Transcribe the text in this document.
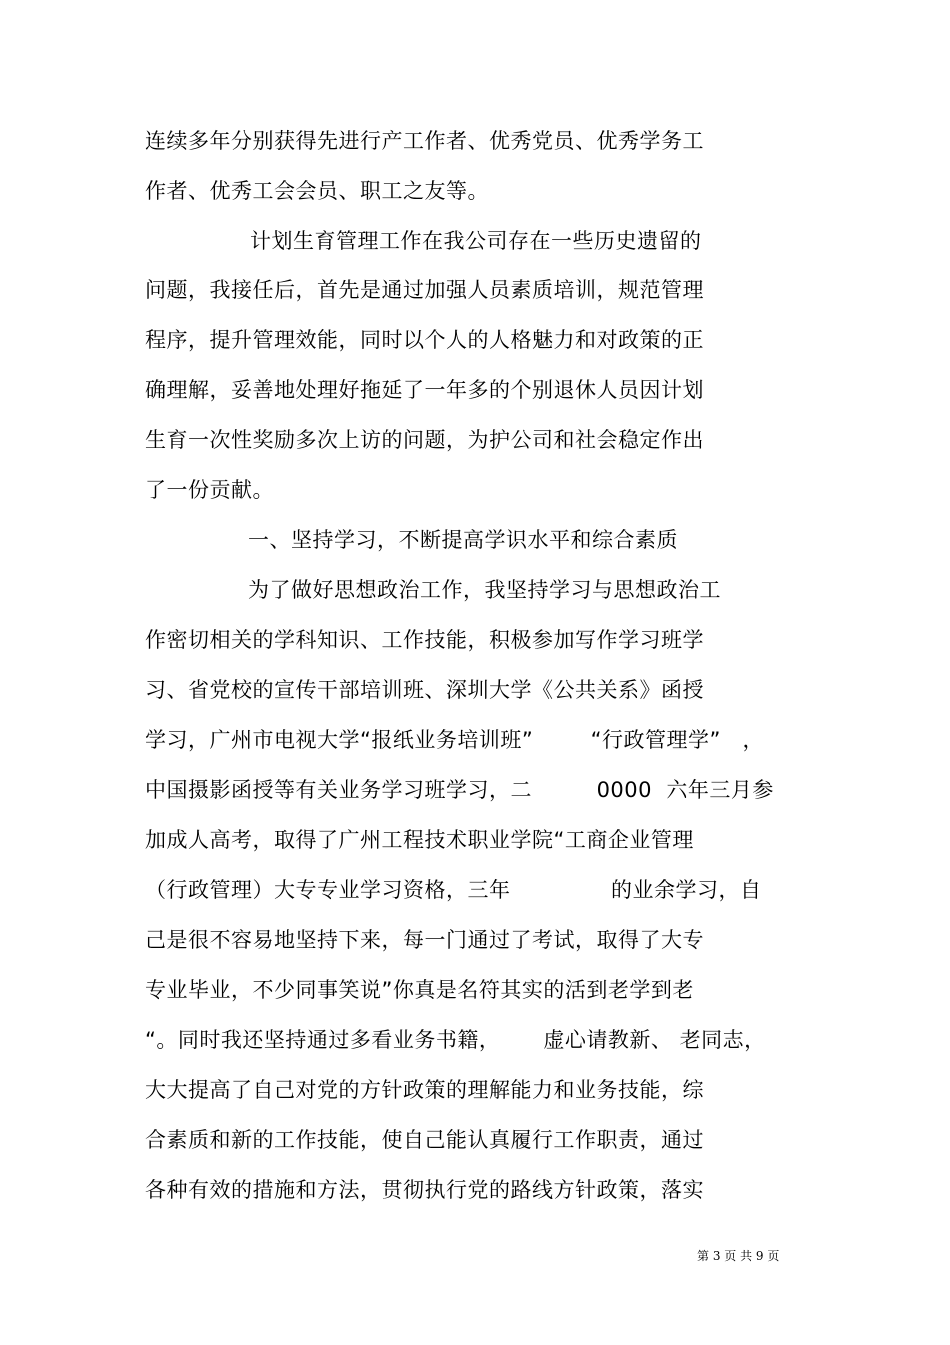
连续多年分别获得先进行产工作者、优秀党员、优秀学务工
作者、优秀工会会员、职工之友等。
计划生育管理工作在我公司存在一些历史遗留的
问题，我接任后，首先是通过加强人员素质培训，规范管理
程序，提升管理效能，同时以个人的人格魅力和对政策的正
确理解，妥善地处理好拖延了一年多的个别退休人员因计划
生育一次性奖励多次上访的问题，为护公司和社会稳定作出
了一份贡献。
一、坚持学习，不断提高学识水平和综合素质
为了做好思想政治工作，我坚持学习与思想政治工
作密切相关的学科知识、工作技能，积极参加写作学习班学
习、省党校的宣传干部培训班、深圳大学《公共关系》函授
学习，广州市电视大学“报纸业务培训班”        “行政管理学”   ，
中国摄影函授等有关业务学习班学习，二         0000  六年三月参
加成人高考，取得了广州工程技术职业学院“工商企业管理
（行政管理）大专专业学习资格，三年              的业余学习，自
己是很不容易地坚持下来，每一门通过了考试，取得了大专
专业毕业，不少同事笑说”你真是名符其实的活到老学到老
“。同时我还坚持通过多看业务书籍，      虚心请教新、 老同志，
大大提高了自己对党的方针政策的理解能力和业务技能，综
合素质和新的工作技能，使自己能认真履行工作职责，通过
各种有效的措施和方法，贯彻执行党的路线方针政策，落实
第 3 页 共 9 页
